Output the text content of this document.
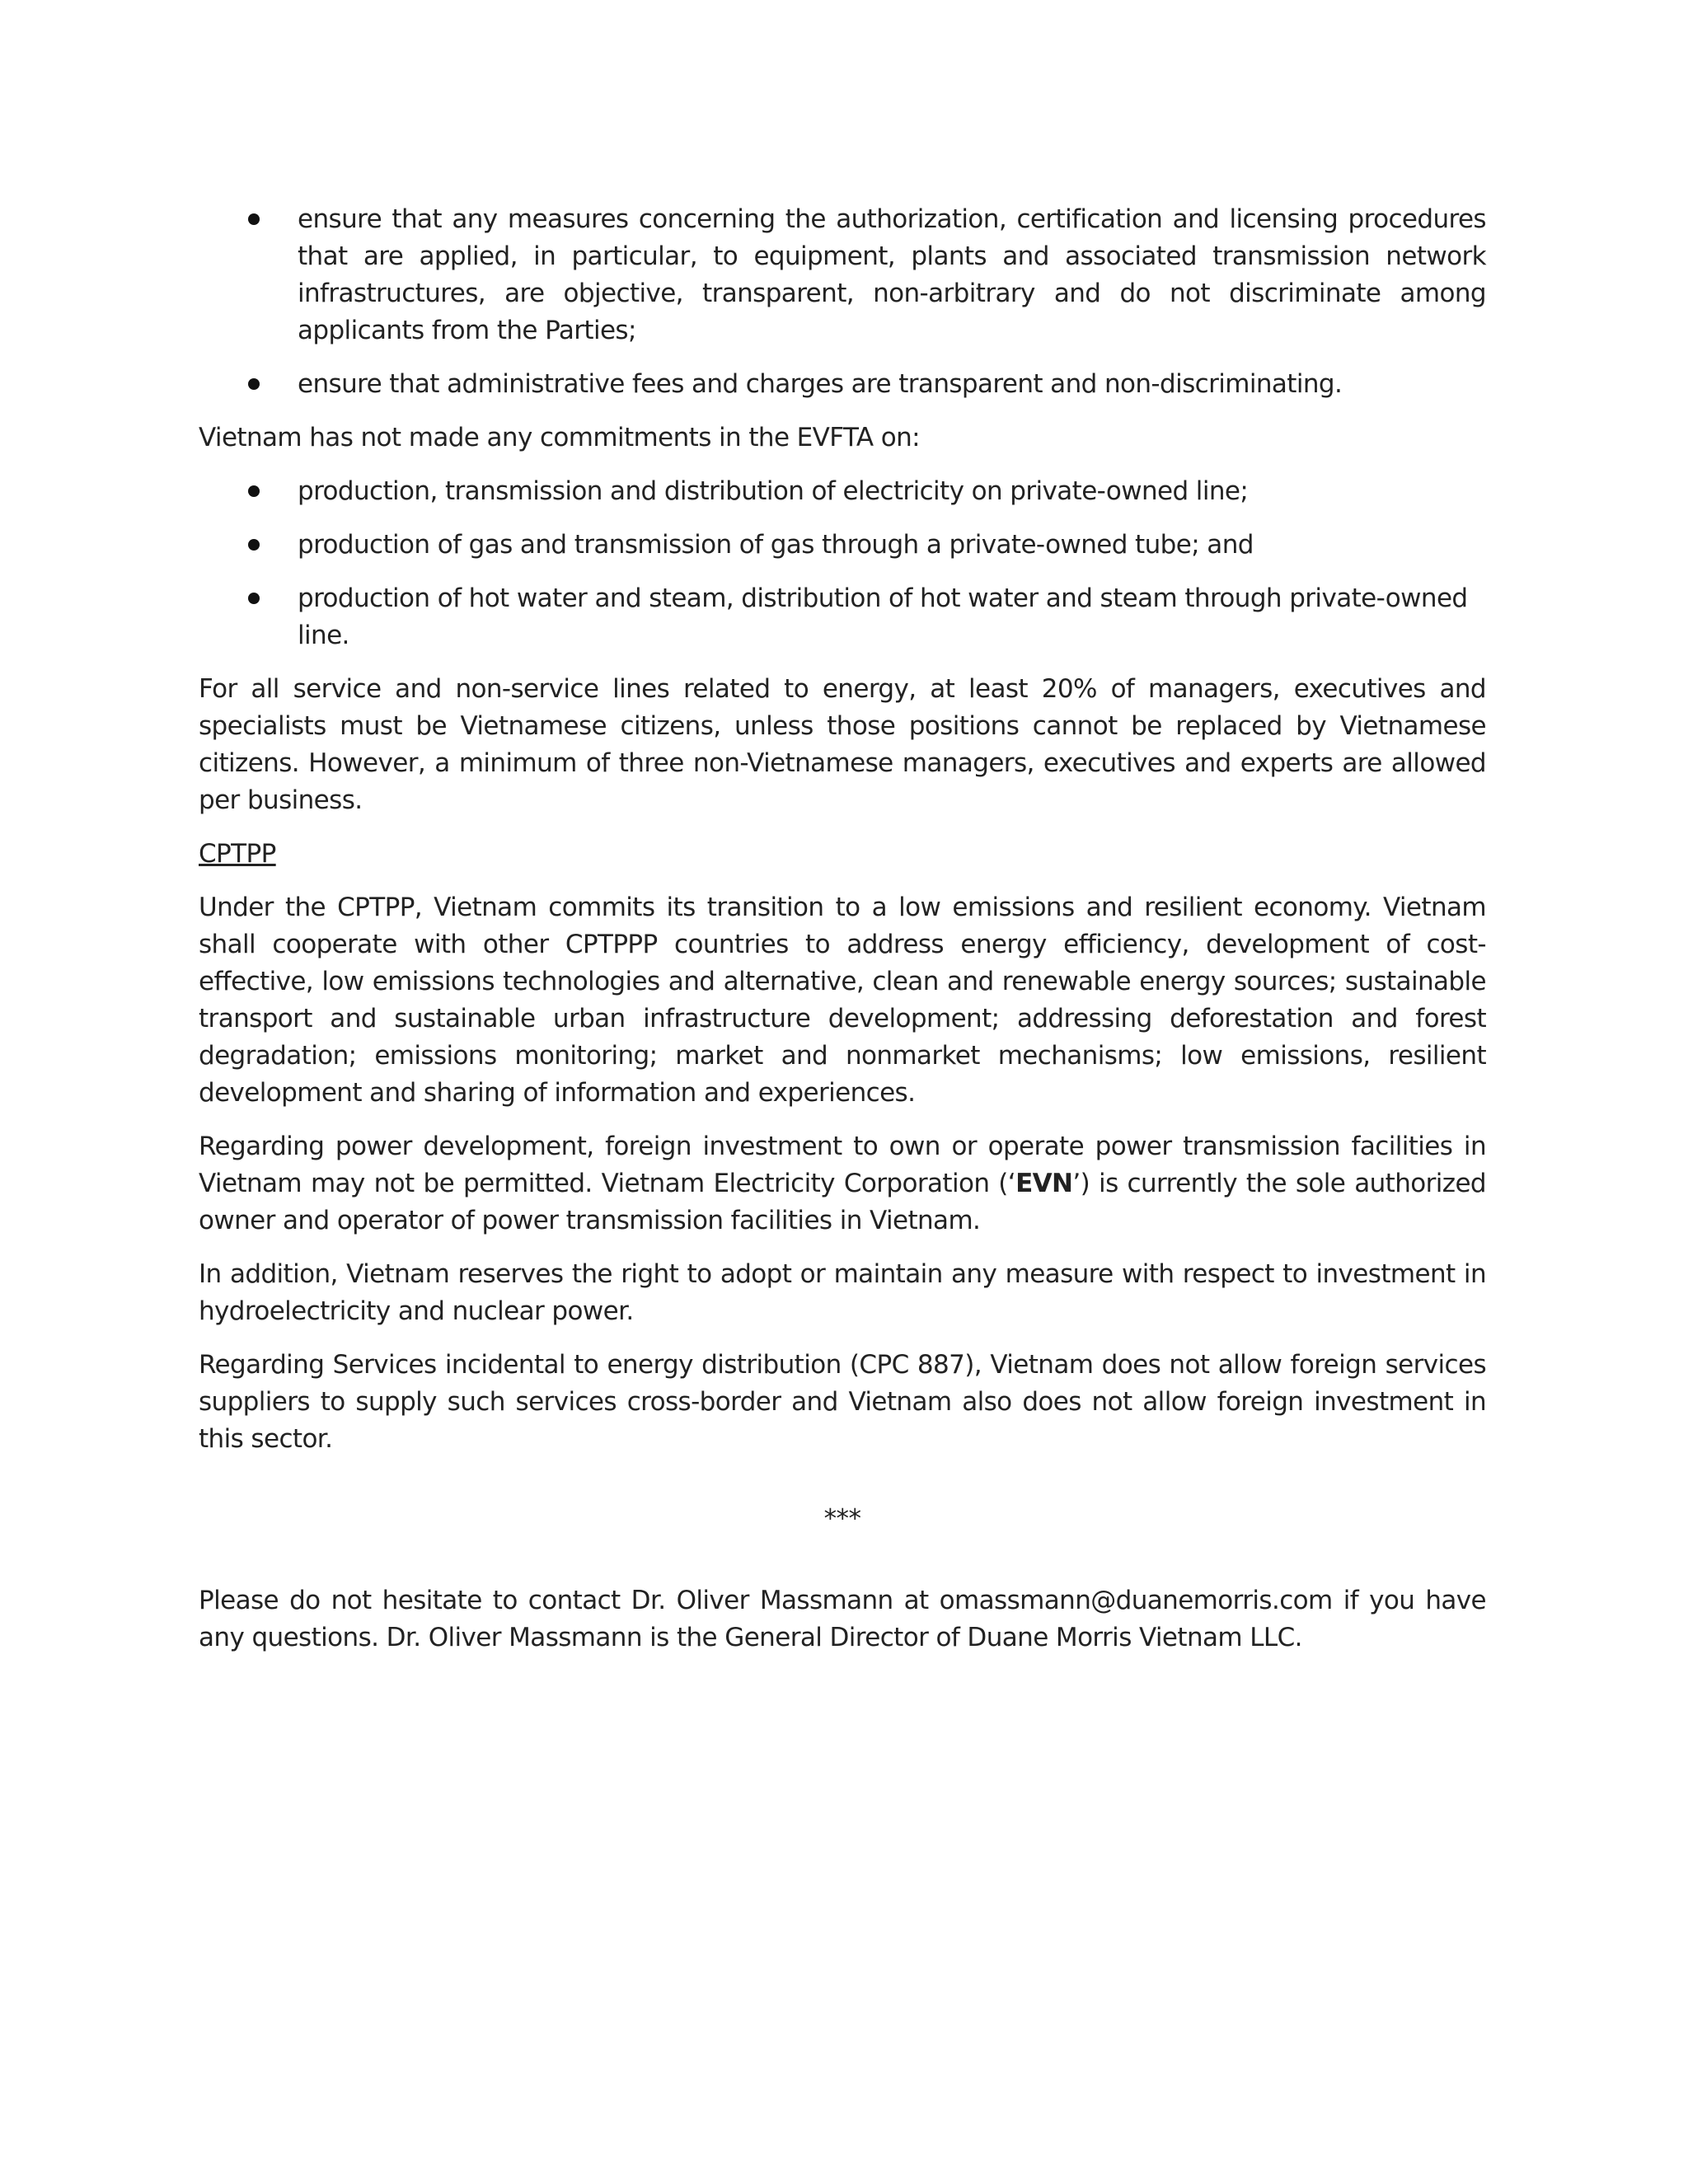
ensure that any measures concerning the authorization, certification and licensing procedures that are applied, in particular, to equipment, plants and associated transmission network infrastructures, are objective, transparent, non-arbitrary and do not discriminate among applicants from the Parties;
ensure that administrative fees and charges are transparent and non-discriminating.

Vietnam has not made any commitments in the EVFTA on:

production, transmission and distribution of electricity on private-owned line;
production of gas and transmission of gas through a private-owned tube; and
production of hot water and steam, distribution of hot water and steam through private-owned line.

For all service and non-service lines related to energy, at least 20% of managers, executives and specialists must be Vietnamese citizens, unless those positions cannot be replaced by Vietnamese citizens. However, a minimum of three non-Vietnamese managers, executives and experts are allowed per business.

CPTPP

Under the CPTPP, Vietnam commits its transition to a low emissions and resilient economy. Vietnam shall cooperate with other CPTPPP countries to address energy efficiency, development of cost-effective, low emissions technologies and alternative, clean and renewable energy sources; sustainable transport and sustainable urban infrastructure development; addressing deforestation and forest degradation; emissions monitoring; market and nonmarket mechanisms; low emissions, resilient development and sharing of information and experiences.

Regarding power development, foreign investment to own or operate power transmission facilities in Vietnam may not be permitted. Vietnam Electricity Corporation (‘EVN’) is currently the sole authorized owner and operator of power transmission facilities in Vietnam.

In addition, Vietnam reserves the right to adopt or maintain any measure with respect to investment in hydroelectricity and nuclear power.

Regarding Services incidental to energy distribution (CPC 887), Vietnam does not allow foreign services suppliers to supply such services cross-border and Vietnam also does not allow foreign investment in this sector.

***

Please do not hesitate to contact Dr. Oliver Massmann at omassmann@duanemorris.com if you have any questions. Dr. Oliver Massmann is the General Director of Duane Morris Vietnam LLC.
